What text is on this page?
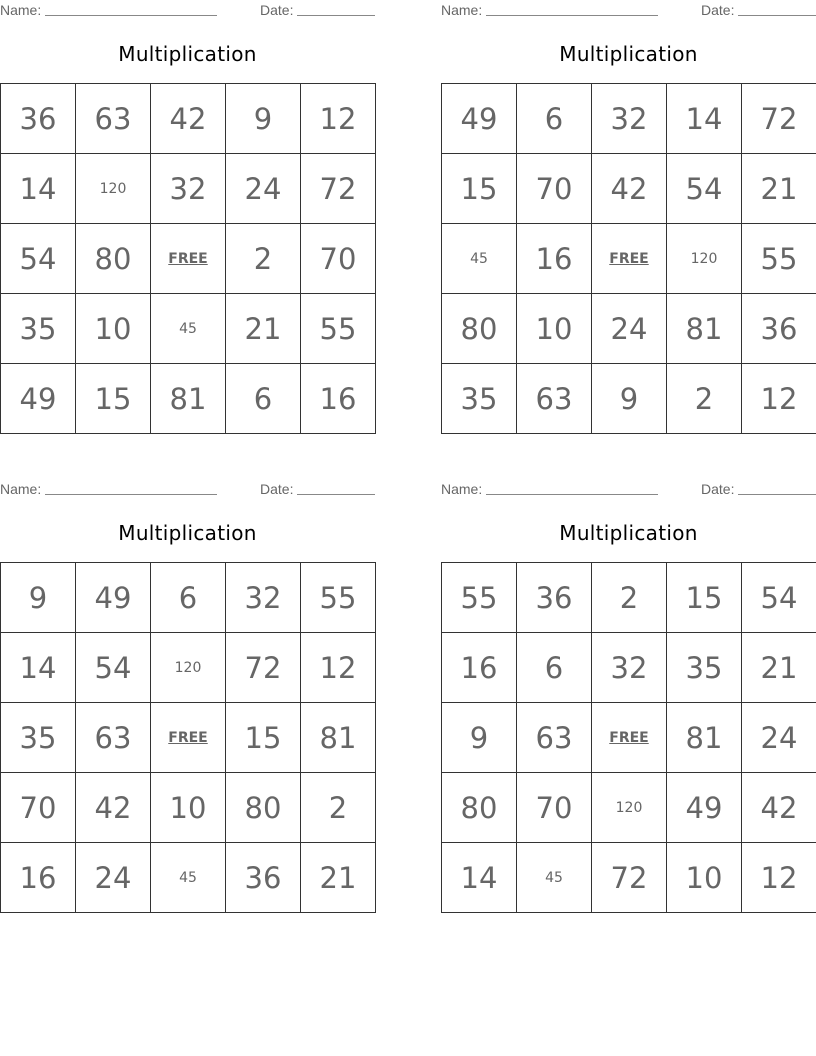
Name:	Date:
Multiplication
36	63	42	9	12
14	120	32	24	72
54	80	FREE	2	70
35	10	45	21	55
49	15	81	6	16
Name:	Date:
Multiplication
49	6	32	14	72
15	70	42	54	21
45	16	FREE	120	55
80	10	24	81	36
35	63	9	2	12
Name:	Date:
Multiplication
9	49	6	32	55
14	54	120	72	12
35	63	FREE	15	81
70	42	10	80	2
16	24	45	36	21
Name:	Date:
Multiplication
55	36	2	15	54
16	6	32	35	21
9	63	FREE	81	24
80	70	120	49	42
14	45	72	10	12
